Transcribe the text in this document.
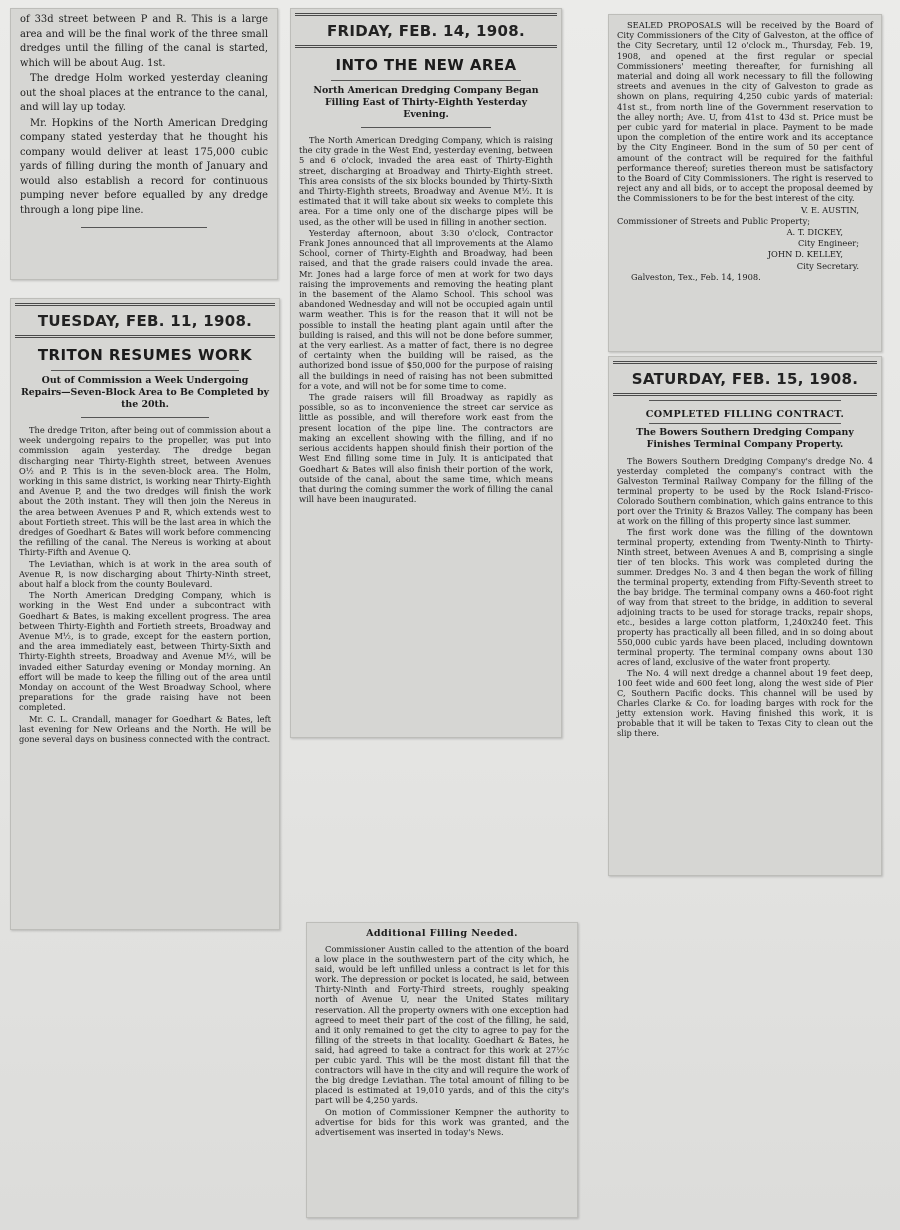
of 33d street between P and R. This is a large area and will be the final work of the three small dredges until the filling of the canal is started, which will be about Aug. 1st.

The dredge Holm worked yesterday cleaning out the shoal places at the entrance to the canal, and will lay up today.

Mr. Hopkins of the North American Dredging company stated yesterday that he thought his company would deliver at least 175,000 cubic yards of filling during the month of January and would also establish a record for continuous pumping never before equalled by any dredge through a long pipe line.

TUESDAY, FEB. 11, 1908.
TRITON RESUMES WORK
Out of Commission a Week Undergoing Repairs—Seven-Block Area to Be Completed by the 20th.

The dredge Triton, after being out of commission about a week undergoing repairs to the propeller, was put into commission again yesterday. The dredge began discharging near Thirty-Eighth street, between Avenues O½ and P. This is in the seven-block area. The Holm, working in this same district, is working near Thirty-Eighth and Avenue P, and the two dredges will finish the work about the 20th instant. They will then join the Nereus in the area between Avenues P and R, which extends west to about Fortieth street. This will be the last area in which the dredges of Goedhart & Bates will work before commencing the refilling of the canal. The Nereus is working at about Thirty-Fifth and Avenue Q.

The Leviathan, which is at work in the area south of Avenue R, is now discharging about Thirty-Ninth street, about half a block from the county Boulevard.

The North American Dredging Company, which is working in the West End under a subcontract with Goedhart & Bates, is making excellent progress. The area between Thirty-Eighth and Fortieth streets, Broadway and Avenue M½, is to grade, except for the eastern portion, and the area immediately east, between Thirty-Sixth and Thirty-Eighth streets, Broadway and Avenue M½, will be invaded either Saturday evening or Monday morning. An effort will be made to keep the filling out of the area until Monday on account of the West Broadway School, where preparations for the grade raising have not been completed.

Mr. C. L. Crandall, manager for Goedhart & Bates, left last evening for New Orleans and the North. He will be gone several days on business connected with the contract.

FRIDAY, FEB. 14, 1908.
INTO THE NEW AREA
North American Dredging Company Began Filling East of Thirty-Eighth Yesterday Evening.

The North American Dredging Company, which is raising the city grade in the West End, yesterday evening, between 5 and 6 o'clock, invaded the area east of Thirty-Eighth street, discharging at Broadway and Thirty-Eighth street. This area consists of the six blocks bounded by Thirty-Sixth and Thirty-Eighth streets, Broadway and Avenue M½. It is estimated that it will take about six weeks to complete this area. For a time only one of the discharge pipes will be used, as the other will be used in filling in another section.

Yesterday afternoon, about 3:30 o'clock, Contractor Frank Jones announced that all improvements at the Alamo School, corner of Thirty-Eighth and Broadway, had been raised, and that the grade raisers could invade the area. Mr. Jones had a large force of men at work for two days raising the improvements and removing the heating plant in the basement of the Alamo School. This school was abandoned Wednesday and will not be occupied again until warm weather. This is for the reason that it will not be possible to install the heating plant again until after the building is raised, and this will not be done before summer, at the very earliest. As a matter of fact, there is no degree of certainty when the building will be raised, as the authorized bond issue of $50,000 for the purpose of raising all the buildings in need of raising has not been submitted for a vote, and will not be for some time to come.

The grade raisers will fill Broadway as rapidly as possible, so as to inconvenience the street car service as little as possible, and will therefore work east from the present location of the pipe line. The contractors are making an excellent showing with the filling, and if no serious accidents happen should finish their portion of the West End filling some time in July. It is anticipated that Goedhart & Bates will also finish their portion of the work, outside of the canal, about the same time, which means that during the coming summer the work of filling the canal will have been inaugurated.

SEALED PROPOSALS will be received by the Board of City Commissioners of the City of Galveston, at the office of the City Secretary, until 12 o'clock m., Thursday, Feb. 19, 1908, and opened at the first regular or special Commissioners' meeting thereafter, for furnishing all material and doing all work necessary to fill the following streets and avenues in the city of Galveston to grade as shown on plans, requiring 4,250 cubic yards of material: 41st st., from north line of the Government reservation to the alley north; Ave. U, from 41st to 43d st. Price must be per cubic yard for material in place. Payment to be made upon the completion of the entire work and its acceptance by the City Engineer. Bond in the sum of 50 per cent of amount of the contract will be required for the faithful performance thereof; sureties thereon must be satisfactory to the Board of City Commissioners. The right is reserved to reject any and all bids, or to accept the proposal deemed by the Commissioners to be for the best interest of the city.

V. E. AUSTIN,

Commissioner of Streets and Public Property;

A. T. DICKEY,

City Engineer;

JOHN D. KELLEY,

City Secretary.

Galveston, Tex., Feb. 14, 1908.

SATURDAY, FEB. 15, 1908.
COMPLETED FILLING CONTRACT.
The Bowers Southern Dredging Company Finishes Terminal Company Property.

The Bowers Southern Dredging Company's dredge No. 4 yesterday completed the company's contract with the Galveston Terminal Railway Company for the filling of the terminal property to be used by the Rock Island-Frisco-Colorado Southern combination, which gains entrance to this port over the Trinity & Brazos Valley. The company has been at work on the filling of this property since last summer.

The first work done was the filling of the downtown terminal property, extending from Twenty-Ninth to Thirty-Ninth street, between Avenues A and B, comprising a single tier of ten blocks. This work was completed during the summer. Dredges No. 3 and 4 then began the work of filling the terminal property, extending from Fifty-Seventh street to the bay bridge. The terminal company owns a 460-foot right of way from that street to the bridge, in addition to several adjoining tracts to be used for storage tracks, repair shops, etc., besides a large cotton platform, 1,240x240 feet. This property has practically all been filled, and in so doing about 550,000 cubic yards have been placed, including downtown terminal property. The terminal company owns about 130 acres of land, exclusive of the water front property.

The No. 4 will next dredge a channel about 19 feet deep, 100 feet wide and 600 feet long, along the west side of Pier C, Southern Pacific docks. This channel will be used by Charles Clarke & Co. for loading barges with rock for the jetty extension work. Having finished this work, it is probable that it will be taken to Texas City to clean out the slip there.

Additional Filling Needed.

Commissioner Austin called to the attention of the board a low place in the southwestern part of the city which, he said, would be left unfilled unless a contract is let for this work. The depression or pocket is located, he said, between Thirty-Ninth and Forty-Third streets, roughly speaking north of Avenue U, near the United States military reservation. All the property owners with one exception had agreed to meet their part of the cost of the filling, he said, and it only remained to get the city to agree to pay for the filling of the streets in that locality. Goedhart & Bates, he said, had agreed to take a contract for this work at 27½c per cubic yard. This will be the most distant fill that the contractors will have in the city and will require the work of the big dredge Leviathan. The total amount of filling to be placed is estimated at 19,010 yards, and of this the city's part will be 4,250 yards.

On motion of Commissioner Kempner the authority to advertise for bids for this work was granted, and the advertisement was inserted in today's News.
